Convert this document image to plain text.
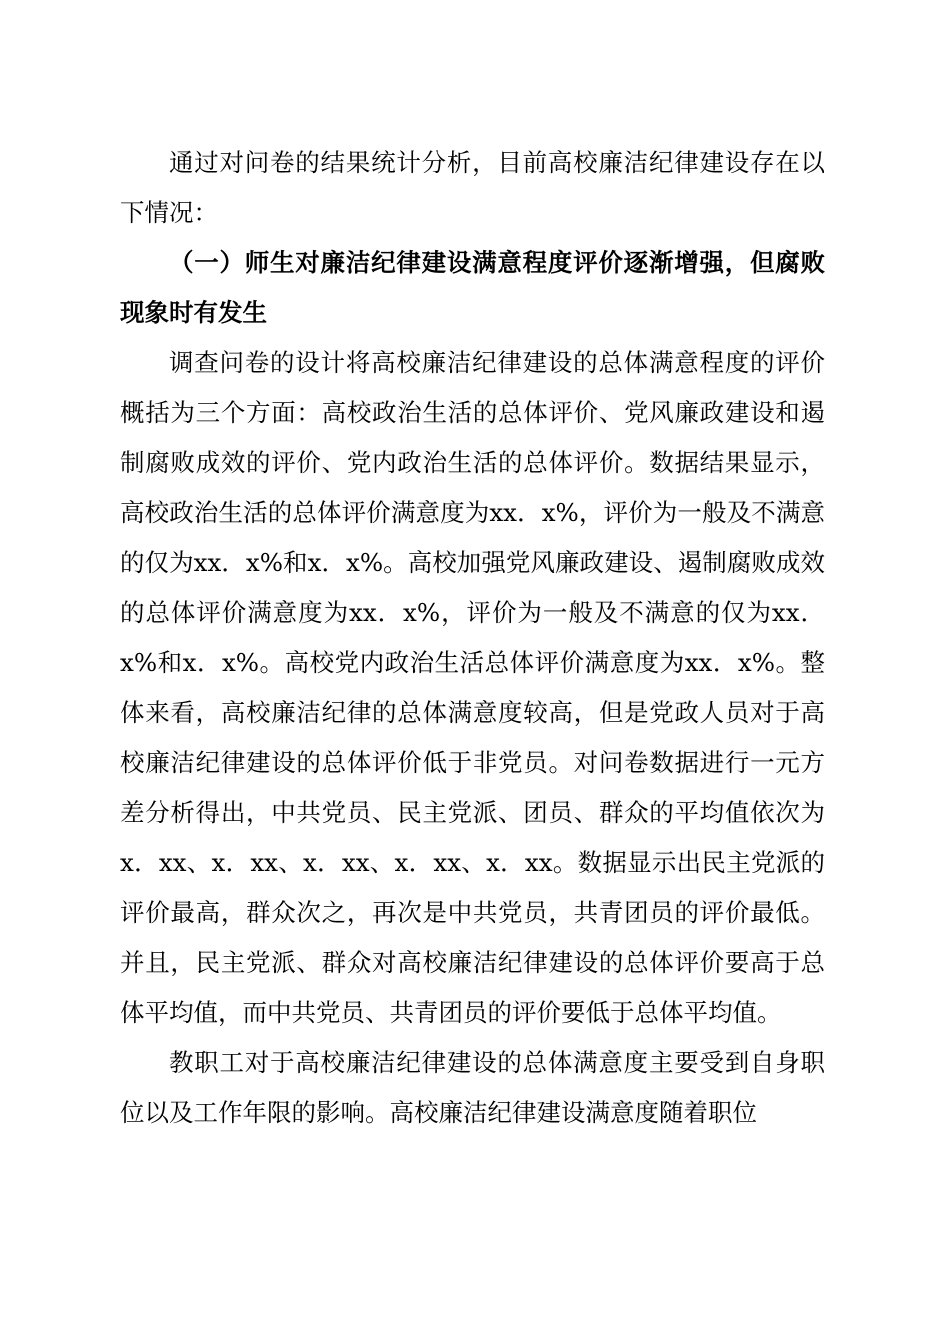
通过对问卷的结果统计分析，目前高校廉洁纪律建设存在以下情况：

（一）师生对廉洁纪律建设满意程度评价逐渐增强，但腐败现象时有发生

调查问卷的设计将高校廉洁纪律建设的总体满意程度的评价概括为三个方面：高校政治生活的总体评价、党风廉政建设和遏制腐败成效的评价、党内政治生活的总体评价。数据结果显示，高校政治生活的总体评价满意度为xx．x%，评价为一般及不满意的仅为xx．x%和x．x%。高校加强党风廉政建设、遏制腐败成效的总体评价满意度为xx．x%，评价为一般及不满意的仅为xx．x%和x．x%。高校党内政治生活总体评价满意度为xx．x%。整体来看，高校廉洁纪律的总体满意度较高，但是党政人员对于高校廉洁纪律建设的总体评价低于非党员。对问卷数据进行一元方差分析得出，中共党员、民主党派、团员、群众的平均值依次为x．xx、x．xx、x．xx、x．xx、x．xx。数据显示出民主党派的评价最高，群众次之，再次是中共党员，共青团员的评价最低。并且，民主党派、群众对高校廉洁纪律建设的总体评价要高于总体平均值，而中共党员、共青团员的评价要低于总体平均值。

教职工对于高校廉洁纪律建设的总体满意度主要受到自身职位以及工作年限的影响。高校廉洁纪律建设满意度随着职位
